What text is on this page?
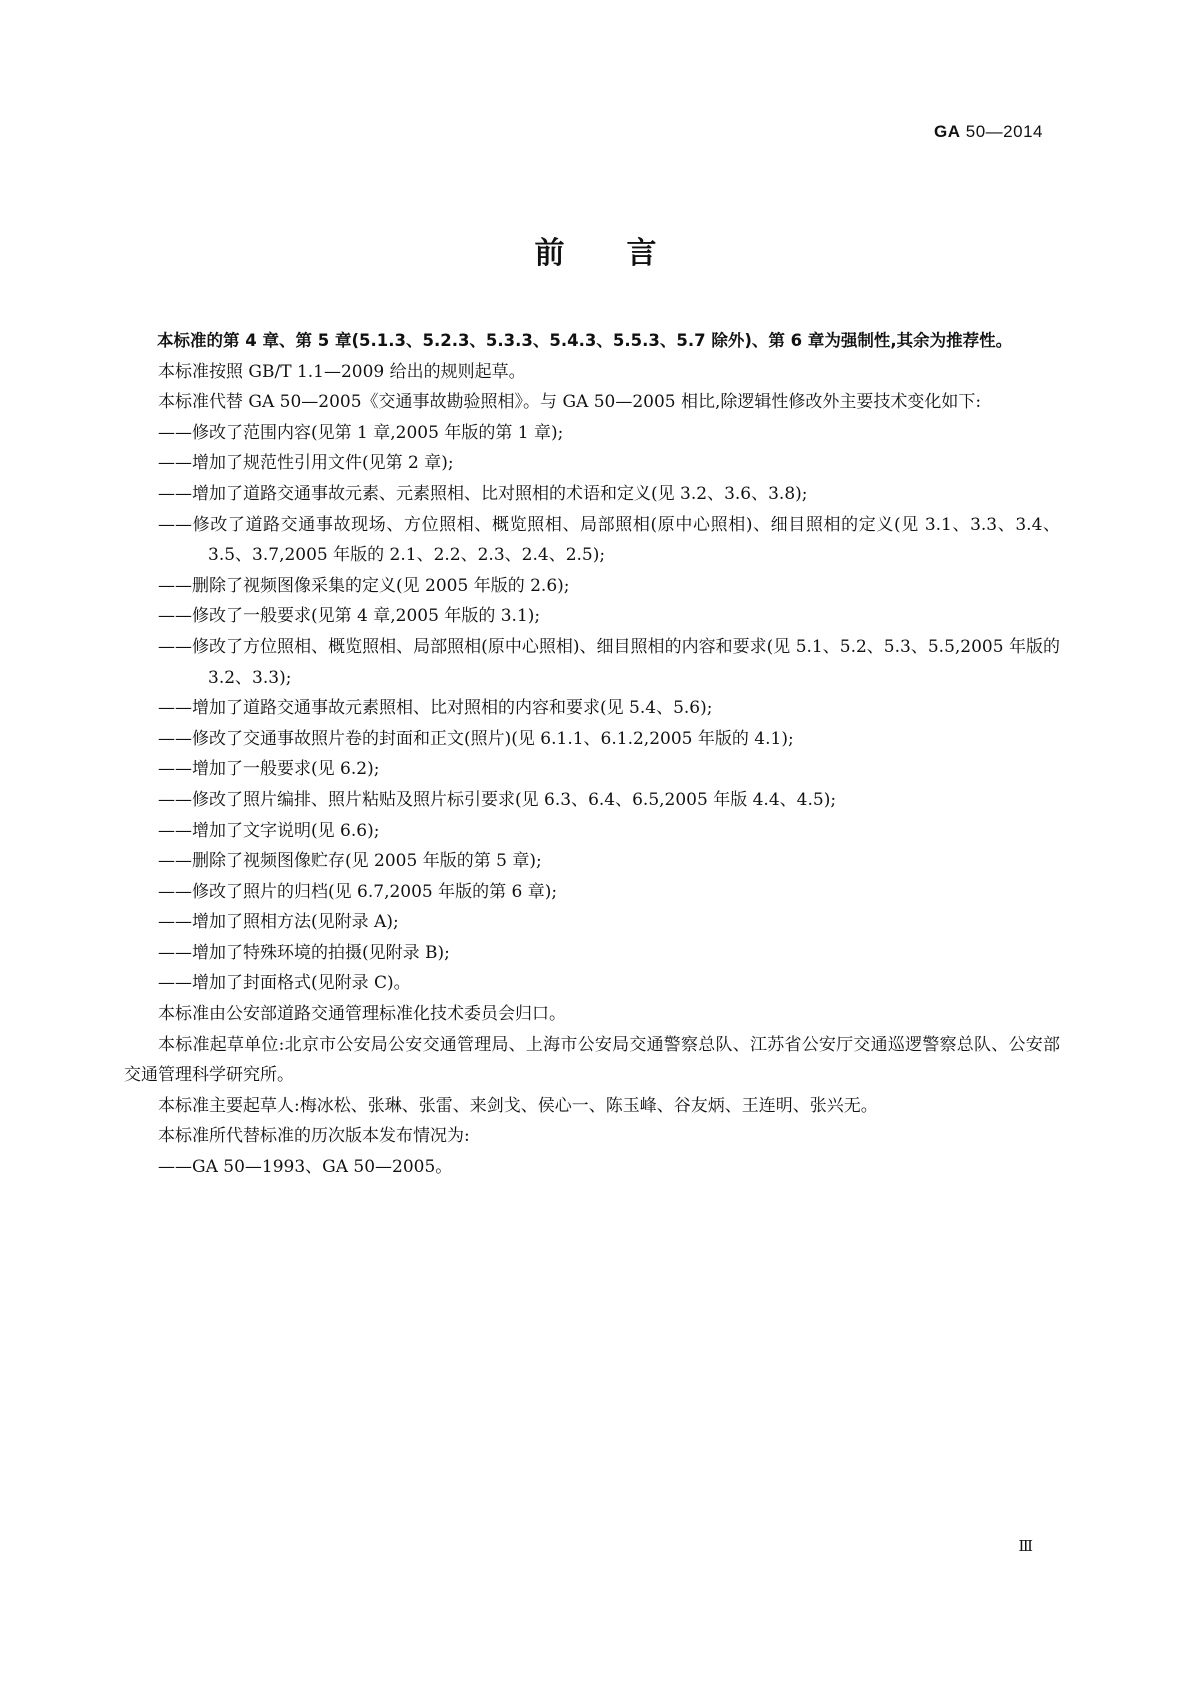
GA 50—2014
前言
本标准的第 4 章、第 5 章(5.1.3、5.2.3、5.3.3、5.4.3、5.5.3、5.7 除外)、第 6 章为强制性,其余为推荐性。
本标准按照 GB/T 1.1—2009 给出的规则起草。
本标准代替 GA 50—2005《交通事故勘验照相》。与 GA 50—2005 相比,除逻辑性修改外主要技术变化如下:
——修改了范围内容(见第 1 章,2005 年版的第 1 章);
——增加了规范性引用文件(见第 2 章);
——增加了道路交通事故元素、元素照相、比对照相的术语和定义(见 3.2、3.6、3.8);
——修改了道路交通事故现场、方位照相、概览照相、局部照相(原中心照相)、细目照相的定义(见 3.1、3.3、3.4、3.5、3.7,2005 年版的 2.1、2.2、2.3、2.4、2.5);
——删除了视频图像采集的定义(见 2005 年版的 2.6);
——修改了一般要求(见第 4 章,2005 年版的 3.1);
——修改了方位照相、概览照相、局部照相(原中心照相)、细目照相的内容和要求(见 5.1、5.2、5.3、5.5,2005 年版的 3.2、3.3);
——增加了道路交通事故元素照相、比对照相的内容和要求(见 5.4、5.6);
——修改了交通事故照片卷的封面和正文(照片)(见 6.1.1、6.1.2,2005 年版的 4.1);
——增加了一般要求(见 6.2);
——修改了照片编排、照片粘贴及照片标引要求(见 6.3、6.4、6.5,2005 年版 4.4、4.5);
——增加了文字说明(见 6.6);
——删除了视频图像贮存(见 2005 年版的第 5 章);
——修改了照片的归档(见 6.7,2005 年版的第 6 章);
——增加了照相方法(见附录 A);
——增加了特殊环境的拍摄(见附录 B);
——增加了封面格式(见附录 C)。
本标准由公安部道路交通管理标准化技术委员会归口。
本标准起草单位:北京市公安局公安交通管理局、上海市公安局交通警察总队、江苏省公安厅交通巡逻警察总队、公安部交通管理科学研究所。
本标准主要起草人:梅冰松、张琳、张雷、来剑戈、侯心一、陈玉峰、谷友炳、王连明、张兴无。
本标准所代替标准的历次版本发布情况为:
——GA 50—1993、GA 50—2005。
Ⅲ
